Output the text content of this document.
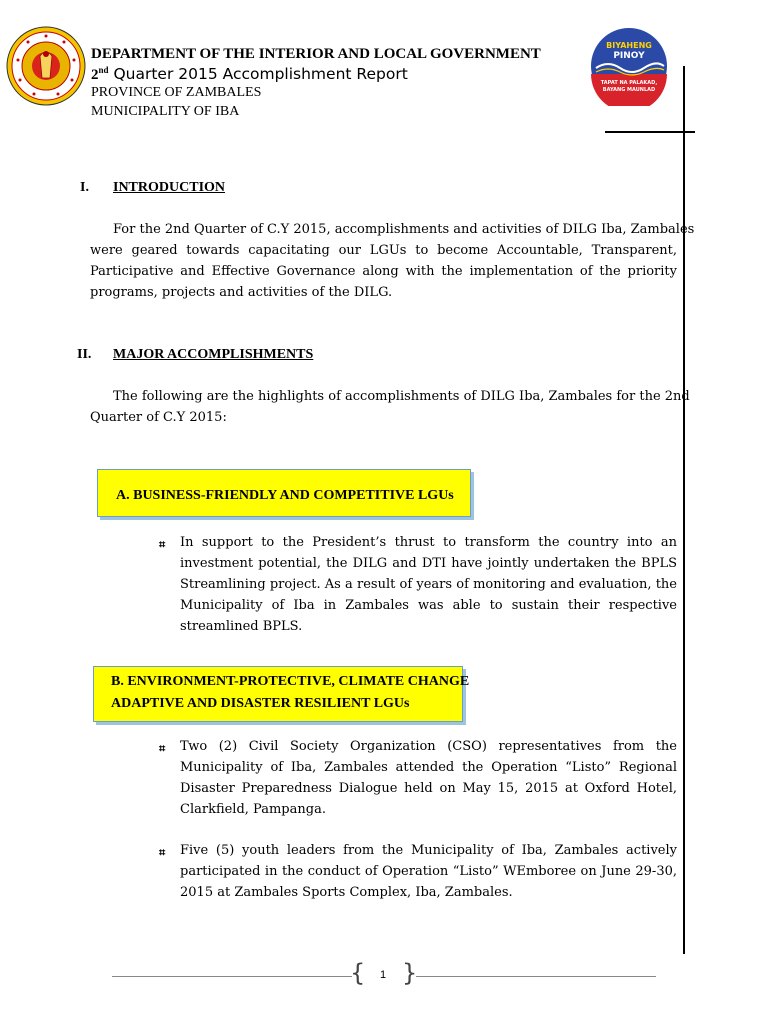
BIYAHENG
PINOY
TAPAT NA PALAKAD,
BAYANG MAUNLAD
DEPARTMENT OF THE INTERIOR AND LOCAL GOVERNMENT
2nd Quarter 2015 Accomplishment Report
PROVINCE OF ZAMBALES
MUNICIPALITY OF IBA
I. INTRODUCTION
For the 2nd Quarter of C.Y 2015, accomplishments and activities of DILG Iba, Zambales
were geared towards capacitating our LGUs to become Accountable, Transparent,
Participative and Effective Governance along with the implementation of the priority
programs, projects and activities of the DILG.
II. MAJOR ACCOMPLISHMENTS
The following are the highlights of accomplishments of DILG Iba, Zambales for the 2nd
Quarter of C.Y 2015:
A. BUSINESS-FRIENDLY AND COMPETITIVE LGUs
⌗ In support to the President’s thrust to transform the country into an
investment potential, the DILG and DTI have jointly undertaken the BPLS
Streamlining project. As a result of years of monitoring and evaluation, the
Municipality of Iba in Zambales was able to sustain their respective
streamlined BPLS.
B. ENVIRONMENT-PROTECTIVE, CLIMATE CHANGE
ADAPTIVE AND DISASTER RESILIENT LGUs
⌗ Two (2) Civil Society Organization (CSO) representatives from the
Municipality of Iba, Zambales attended the Operation “Listo” Regional
Disaster Preparedness Dialogue held on May 15, 2015 at Oxford Hotel,
Clarkfield, Pampanga.
⌗ Five (5) youth leaders from the Municipality of Iba, Zambales actively
participated in the conduct of Operation “Listo” WEmboree on June 29-30,
2015 at Zambales Sports Complex, Iba, Zambales.
{ }
1
